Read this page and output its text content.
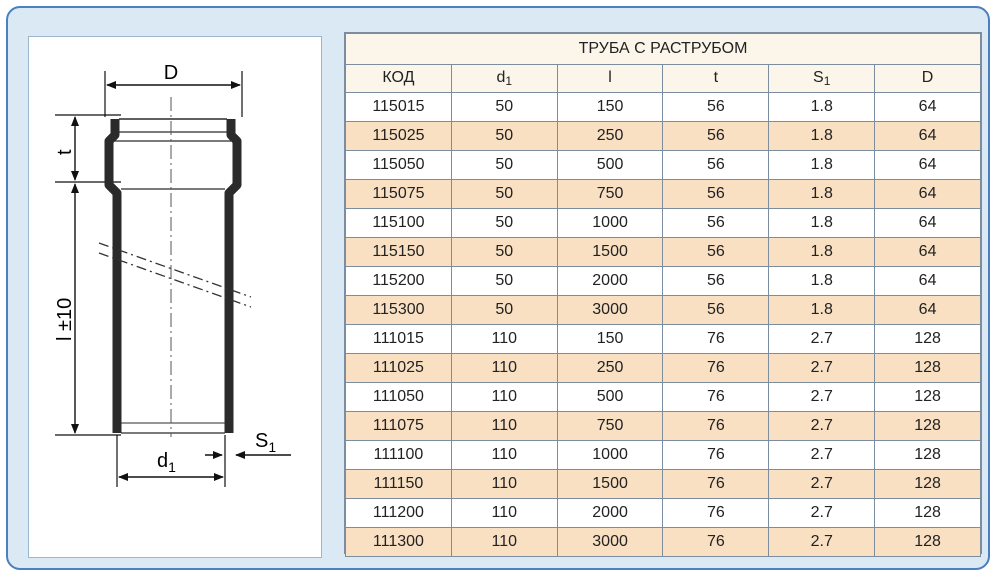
D
t
l ±10
$d_1$
$S_1$
ТРУБА С РАСТРУБОМ					
КОД	$d_1$	l	t	$S_1$	D
115015	50	150	56	1.8	64
115025	50	250	56	1.8	64
115050	50	500	56	1.8	64
115075	50	750	56	1.8	64
115100	50	1000	56	1.8	64
115150	50	1500	56	1.8	64
115200	50	2000	56	1.8	64
115300	50	3000	56	1.8	64
111015	110	150	76	2.7	128
111025	110	250	76	2.7	128
111050	110	500	76	2.7	128
111075	110	750	76	2.7	128
111100	110	1000	76	2.7	128
111150	110	1500	76	2.7	128
111200	110	2000	76	2.7	128
111300	110	3000	76	2.7	128
